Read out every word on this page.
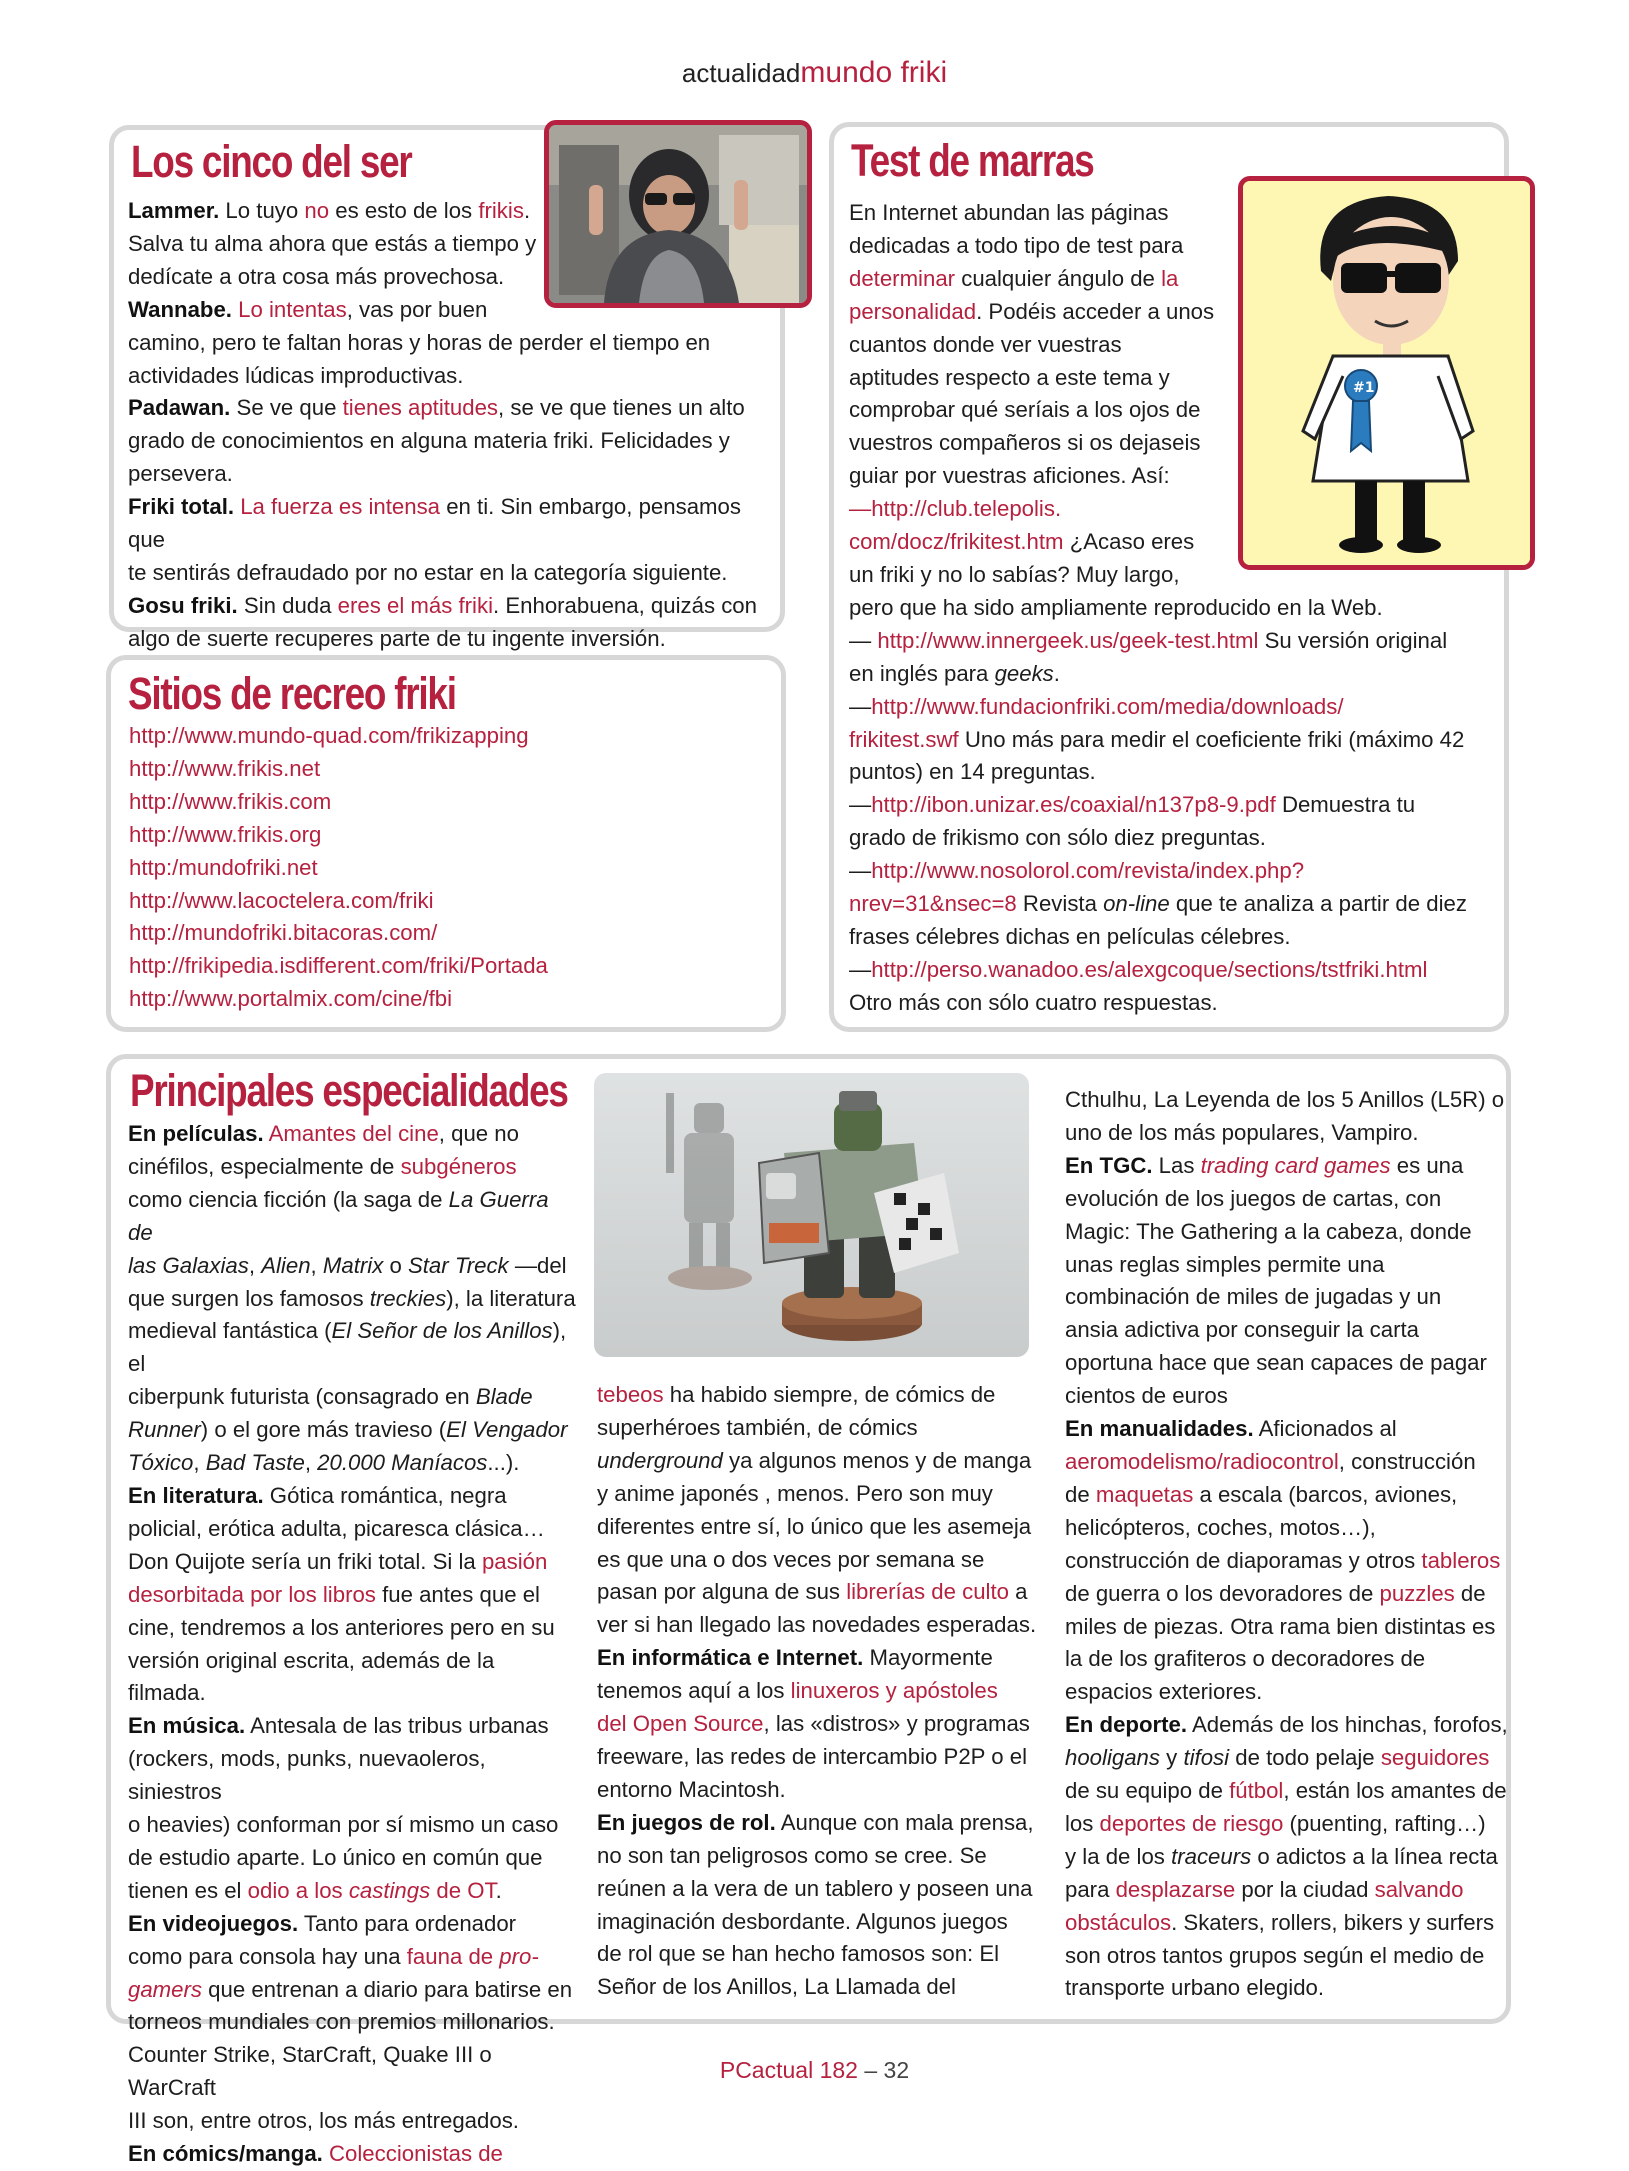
actualidadmundo friki
Los cinco del ser

Lammer. Lo tuyo no es esto de los frikis.

Salva tu alma ahora que estás a tiempo y

dedícate a otra cosa más provechosa.

Wannabe. Lo intentas, vas por buen

camino, pero te faltan horas y horas de perder el tiempo en

actividades lúdicas improductivas.

Padawan. Se ve que tienes aptitudes, se ve que tienes un alto

grado de conocimientos en alguna materia friki. Felicidades y

persevera.

Friki total. La fuerza es intensa en ti. Sin embargo, pensamos que

te sentirás defraudado por no estar en la categoría siguiente.

Gosu friki. Sin duda eres el más friki. Enhorabuena, quizás con

algo de suerte recuperes parte de tu ingente inversión.

Sitios de recreo friki

http://www.mundo-quad.com/frikizapping

http://www.frikis.net

http://www.frikis.com

http://www.frikis.org

http:/mundofriki.net

http://www.lacoctelera.com/friki

http://mundofriki.bitacoras.com/

http://frikipedia.isdifferent.com/friki/Portada

http://www.portalmix.com/cine/fbi

Test de marras

En Internet abundan las páginas

dedicadas a todo tipo de test para

determinar cualquier ángulo de la

personalidad. Podéis acceder a unos

cuantos donde ver vuestras

aptitudes respecto a este tema y

comprobar qué seríais a los ojos de

vuestros compañeros si os dejaseis

guiar por vuestras aficiones. Así:

—http://club.telepolis.

com/docz/frikitest.htm ¿Acaso eres

un friki y no lo sabías? Muy largo,

pero que ha sido ampliamente reproducido en la Web.

— http://www.innergeek.us/geek-test.html Su versión original

en inglés para geeks.

—http://www.fundacionfriki.com/media/downloads/

frikitest.swf Uno más para medir el coeficiente friki (máximo 42

puntos) en 14 preguntas.

—http://ibon.unizar.es/coaxial/n137p8-9.pdf Demuestra tu

grado de frikismo con sólo diez preguntas.

—http://www.nosolorol.com/revista/index.php?

nrev=31&nsec=8 Revista on-line que te analiza a partir de diez

frases célebres dichas en películas célebres.

—http://perso.wanadoo.es/alexgcoque/sections/tstfriki.html

Otro más con sólo cuatro respuestas.

#1
Principales especialidades

En películas. Amantes del cine, que no

cinéfilos, especialmente de subgéneros

como ciencia ficción (la saga de La Guerra de

las Galaxias, Alien, Matrix o Star Treck —del

que surgen los famosos treckies), la literatura

medieval fantástica (El Señor de los Anillos), el

ciberpunk futurista (consagrado en Blade

Runner) o el gore más travieso (El Vengador

Tóxico, Bad Taste, 20.000 Maníacos...).

En literatura. Gótica romántica, negra

policial, erótica adulta, picaresca clásica…

Don Quijote sería un friki total. Si la pasión

desorbitada por los libros fue antes que el

cine, tendremos a los anteriores pero en su

versión original escrita, además de la filmada.

En música. Antesala de las tribus urbanas

(rockers, mods, punks, nuevaoleros, siniestros

o heavies) conforman por sí mismo un caso

de estudio aparte. Lo único en común que

tienen es el odio a los castings de OT.

En videojuegos. Tanto para ordenador

como para consola hay una fauna de pro-

gamers que entrenan a diario para batirse en

torneos mundiales con premios millonarios.

Counter Strike, StarCraft, Quake III o WarCraft

III son, entre otros, los más entregados.

En cómics/manga. Coleccionistas de

tebeos ha habido siempre, de cómics de

superhéroes también, de cómics

underground ya algunos menos y de manga

y anime japonés , menos. Pero son muy

diferentes entre sí, lo único que les asemeja

es que una o dos veces por semana se

pasan por alguna de sus librerías de culto a

ver si han llegado las novedades esperadas.

En informática e Internet. Mayormente

tenemos aquí a los linuxeros y apóstoles

del Open Source, las «distros» y programas

freeware, las redes de intercambio P2P o el

entorno Macintosh.

En juegos de rol. Aunque con mala prensa,

no son tan peligrosos como se cree. Se

reúnen a la vera de un tablero y poseen una

imaginación desbordante. Algunos juegos

de rol que se han hecho famosos son: El

Señor de los Anillos, La Llamada del

Cthulhu, La Leyenda de los 5 Anillos (L5R) o

uno de los más populares, Vampiro.

En TGC. Las trading card games es una

evolución de los juegos de cartas, con

Magic: The Gathering a la cabeza, donde

unas reglas simples permite una

combinación de miles de jugadas y un

ansia adictiva por conseguir la carta

oportuna hace que sean capaces de pagar

cientos de euros

En manualidades. Aficionados al

aeromodelismo/radiocontrol, construcción

de maquetas a escala (barcos, aviones,

helicópteros, coches, motos…),

construcción de diaporamas y otros tableros

de guerra o los devoradores de puzzles de

miles de piezas. Otra rama bien distintas es

la de los grafiteros o decoradores de

espacios exteriores.

En deporte. Además de los hinchas, forofos,

hooligans y tifosi de todo pelaje seguidores

de su equipo de fútbol, están los amantes de

los deportes de riesgo (puenting, rafting…)

y la de los traceurs o adictos a la línea recta

para desplazarse por la ciudad salvando

obstáculos. Skaters, rollers, bikers y surfers

son otros tantos grupos según el medio de

transporte urbano elegido.

PCactual 182 – 32
